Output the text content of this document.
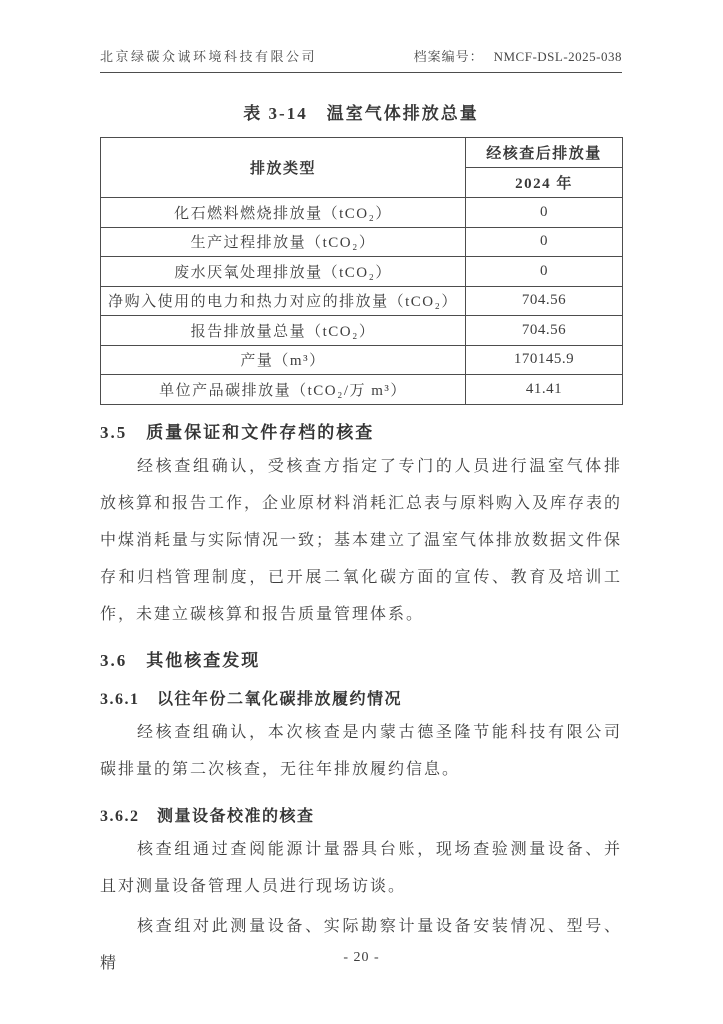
北京绿碳众诚环境科技有限公司	档案编号： NMCF-DSL-2025-038
表 3-14　温室气体排放总量
排放类型	经核查后排放量
	2024 年
化石燃料燃烧排放量（tCO₂）	0
生产过程排放量（tCO₂）	0
废水厌氧处理排放量（tCO₂）	0
净购入使用的电力和热力对应的排放量（tCO₂）	704.56
报告排放量总量（tCO₂）	704.56
产量（m³）	170145.9
单位产品碳排放量（tCO₂/万 m³）	41.41
3.5　质量保证和文件存档的核查

经核查组确认，受核查方指定了专门的人员进行温室气体排放核算和报告工作，企业原材料消耗汇总表与原料购入及库存表的中煤消耗量与实际情况一致；基本建立了温室气体排放数据文件保存和归档管理制度，已开展二氧化碳方面的宣传、教育及培训工作，未建立碳核算和报告质量管理体系。

3.6　其他核查发现
3.6.1　以往年份二氧化碳排放履约情况

经核查组确认，本次核查是内蒙古德圣隆节能科技有限公司碳排量的第二次核查，无往年排放履约信息。

3.6.2　测量设备校准的核查

核查组通过查阅能源计量器具台账，现场查验测量设备、并且对测量设备管理人员进行现场访谈。

核查组对此测量设备、实际勘察计量设备安装情况、型号、精	- 20 -
